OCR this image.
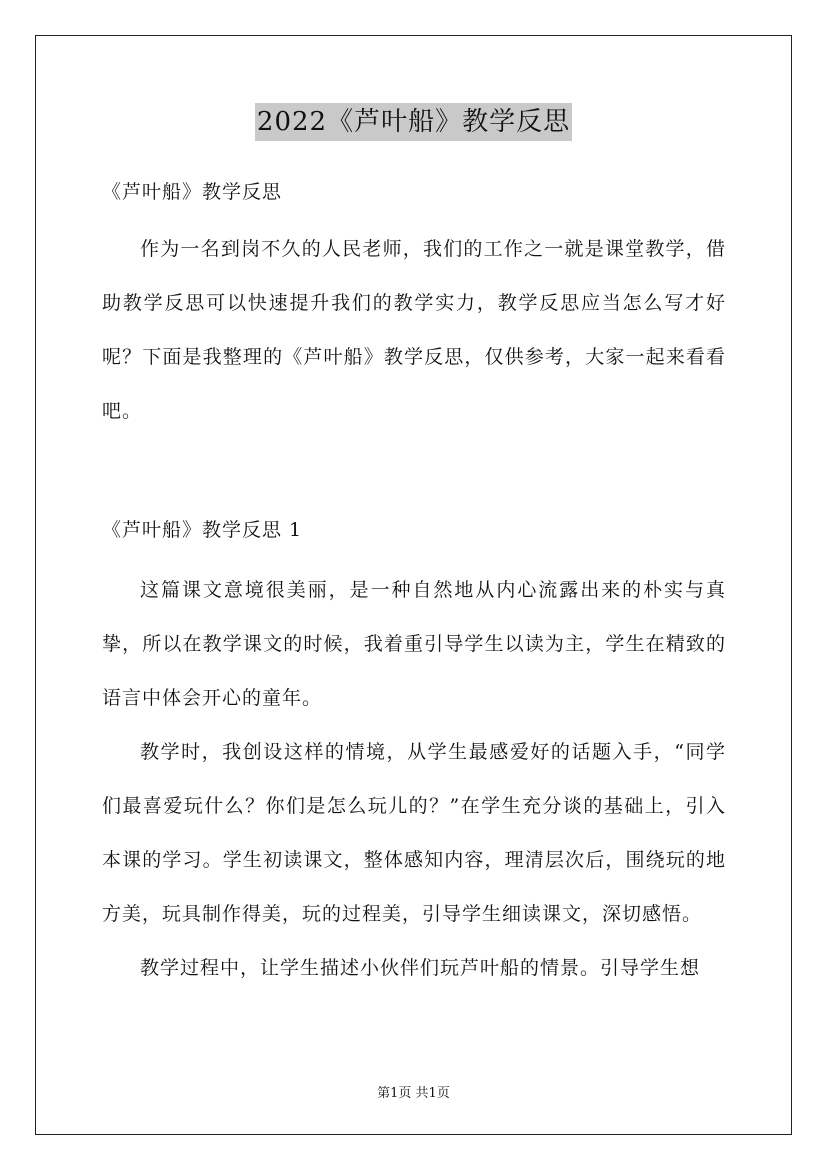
2022《芦叶船》教学反思

《芦叶船》教学反思

作为一名到岗不久的人民老师，我们的工作之一就是课堂教学，借助教学反思可以快速提升我们的教学实力，教学反思应当怎么写才好呢？下面是我整理的《芦叶船》教学反思，仅供参考，大家一起来看看吧。

《芦叶船》教学反思 1

这篇课文意境很美丽，是一种自然地从内心流露出来的朴实与真挚，所以在教学课文的时候，我着重引导学生以读为主，学生在精致的语言中体会开心的童年。

教学时，我创设这样的情境，从学生最感爱好的话题入手，“同学们最喜爱玩什么？你们是怎么玩儿的？”在学生充分谈的基础上，引入本课的学习。学生初读课文，整体感知内容，理清层次后，围绕玩的地方美，玩具制作得美，玩的过程美，引导学生细读课文，深切感悟。

教学过程中，让学生描述小伙伴们玩芦叶船的情景。引导学生想

第1页 共1页
